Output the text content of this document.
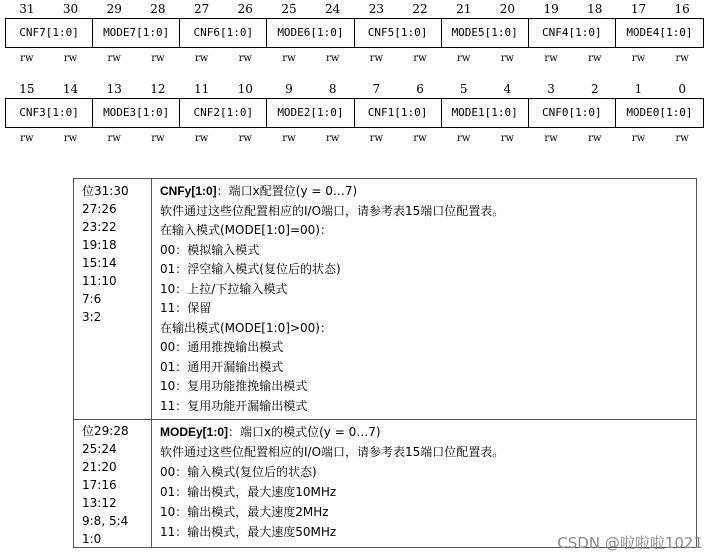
31	30	29	28	27	26	25	24	23	22	21	20	19	18	17	16
CNF7[1:0]	MODE7[1:0]	CNF6[1:0]	MODE6[1:0]	CNF5[1:0]	MODE5[1:0]	CNF4[1:0]	MODE4[1:0]
rw	rw	rw	rw	rw	rw	rw	rw	rw	rw	rw	rw	rw	rw	rw	rw
15	14	13	12	11	10	9	8	7	6	5	4	3	2	1	0
CNF3[1:0]	MODE3[1:0]	CNF2[1:0]	MODE2[1:0]	CNF1[1:0]	MODE1[1:0]	CNF0[1:0]	MODE0[1:0]
rw	rw	rw	rw	rw	rw	rw	rw	rw	rw	rw	rw	rw	rw	rw	rw
位31:30
27:26
23:22
19:18
15:14
11:10
7:6
3:2
CNFy[1:0]：端口x配置位(y = 0…7)
软件通过这些位配置相应的I/O端口，请参考表15端口位配置表。
在输入模式(MODE[1:0]=00)：
00：模拟输入模式
01：浮空输入模式(复位后的状态)
10：上拉/下拉输入模式
11：保留
在输出模式(MODE[1:0]>00)：
00：通用推挽输出模式
01：通用开漏输出模式
10：复用功能推挽输出模式
11：复用功能开漏输出模式
位29:28
25:24
21:20
17:16
13:12
9:8, 5:4
1:0
MODEy[1:0]：端口x的模式位(y = 0…7)
软件通过这些位配置相应的I/O端口，请参考表15端口位配置表。
00：输入模式(复位后的状态)
01：输出模式，最大速度10MHz
10：输出模式，最大速度2MHz
11：输出模式，最大速度50MHz
CSDN @啦啦啦1021
